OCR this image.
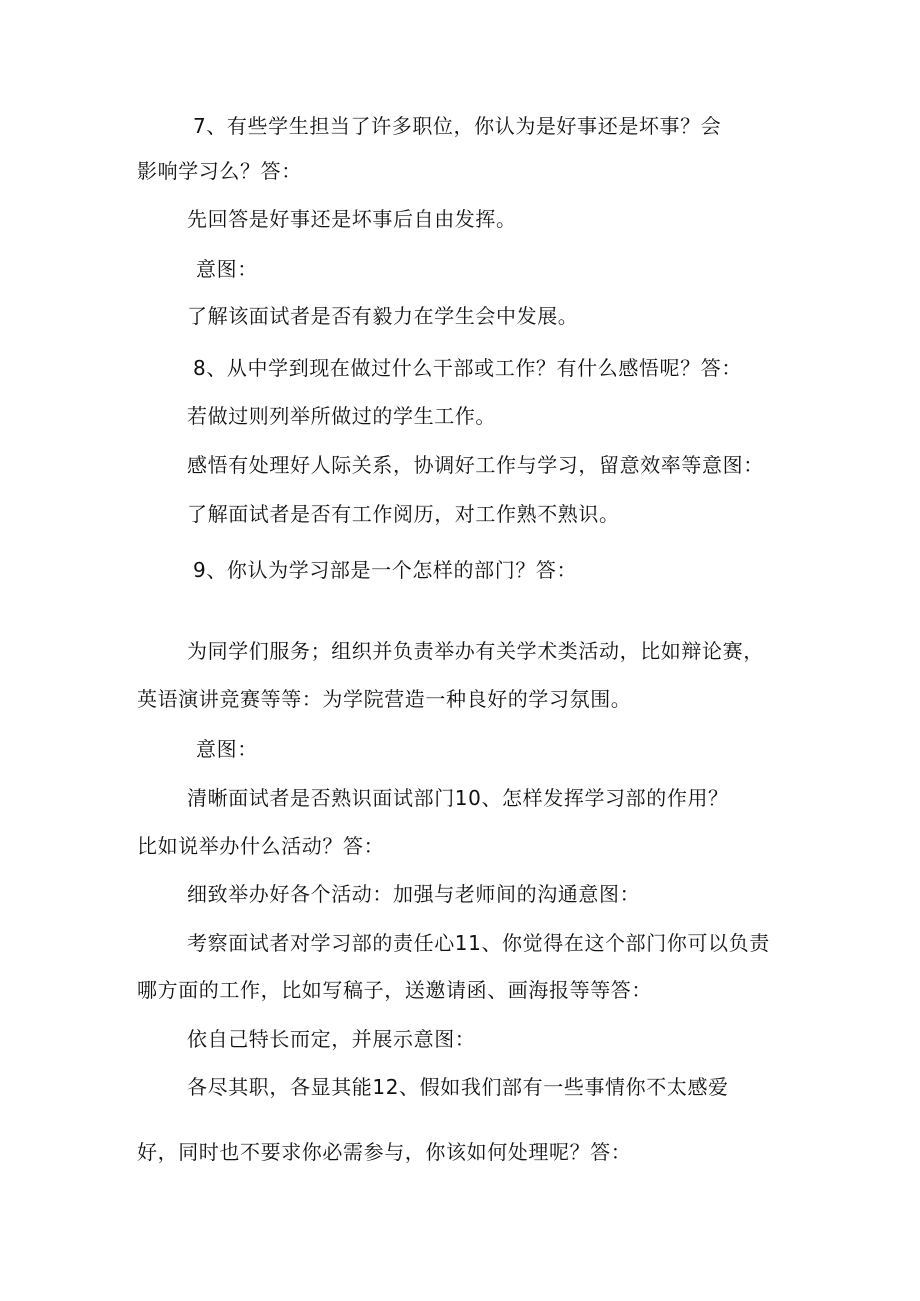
7、有些学生担当了许多职位，你认为是好事还是坏事？会
影响学习么？答：
先回答是好事还是坏事后自由发挥。
意图：
了解该面试者是否有毅力在学生会中发展。
8、从中学到现在做过什么干部或工作？有什么感悟呢？答：
若做过则列举所做过的学生工作。
感悟有处理好人际关系，协调好工作与学习，留意效率等意图：
了解面试者是否有工作阅历，对工作熟不熟识。
9、你认为学习部是一个怎样的部门？答：
为同学们服务；组织并负责举办有关学术类活动，比如辩论赛，
英语演讲竞赛等等：为学院营造一种良好的学习氛围。
意图：
清晰面试者是否熟识面试部门10、怎样发挥学习部的作用？
比如说举办什么活动？答：
细致举办好各个活动：加强与老师间的沟通意图：
考察面试者对学习部的责任心11、你觉得在这个部门你可以负责
哪方面的工作，比如写稿子，送邀请函、画海报等等答：
依自己特长而定，并展示意图：
各尽其职，各显其能12、假如我们部有一些事情你不太感爱
好，同时也不要求你必需参与，你该如何处理呢？答：
